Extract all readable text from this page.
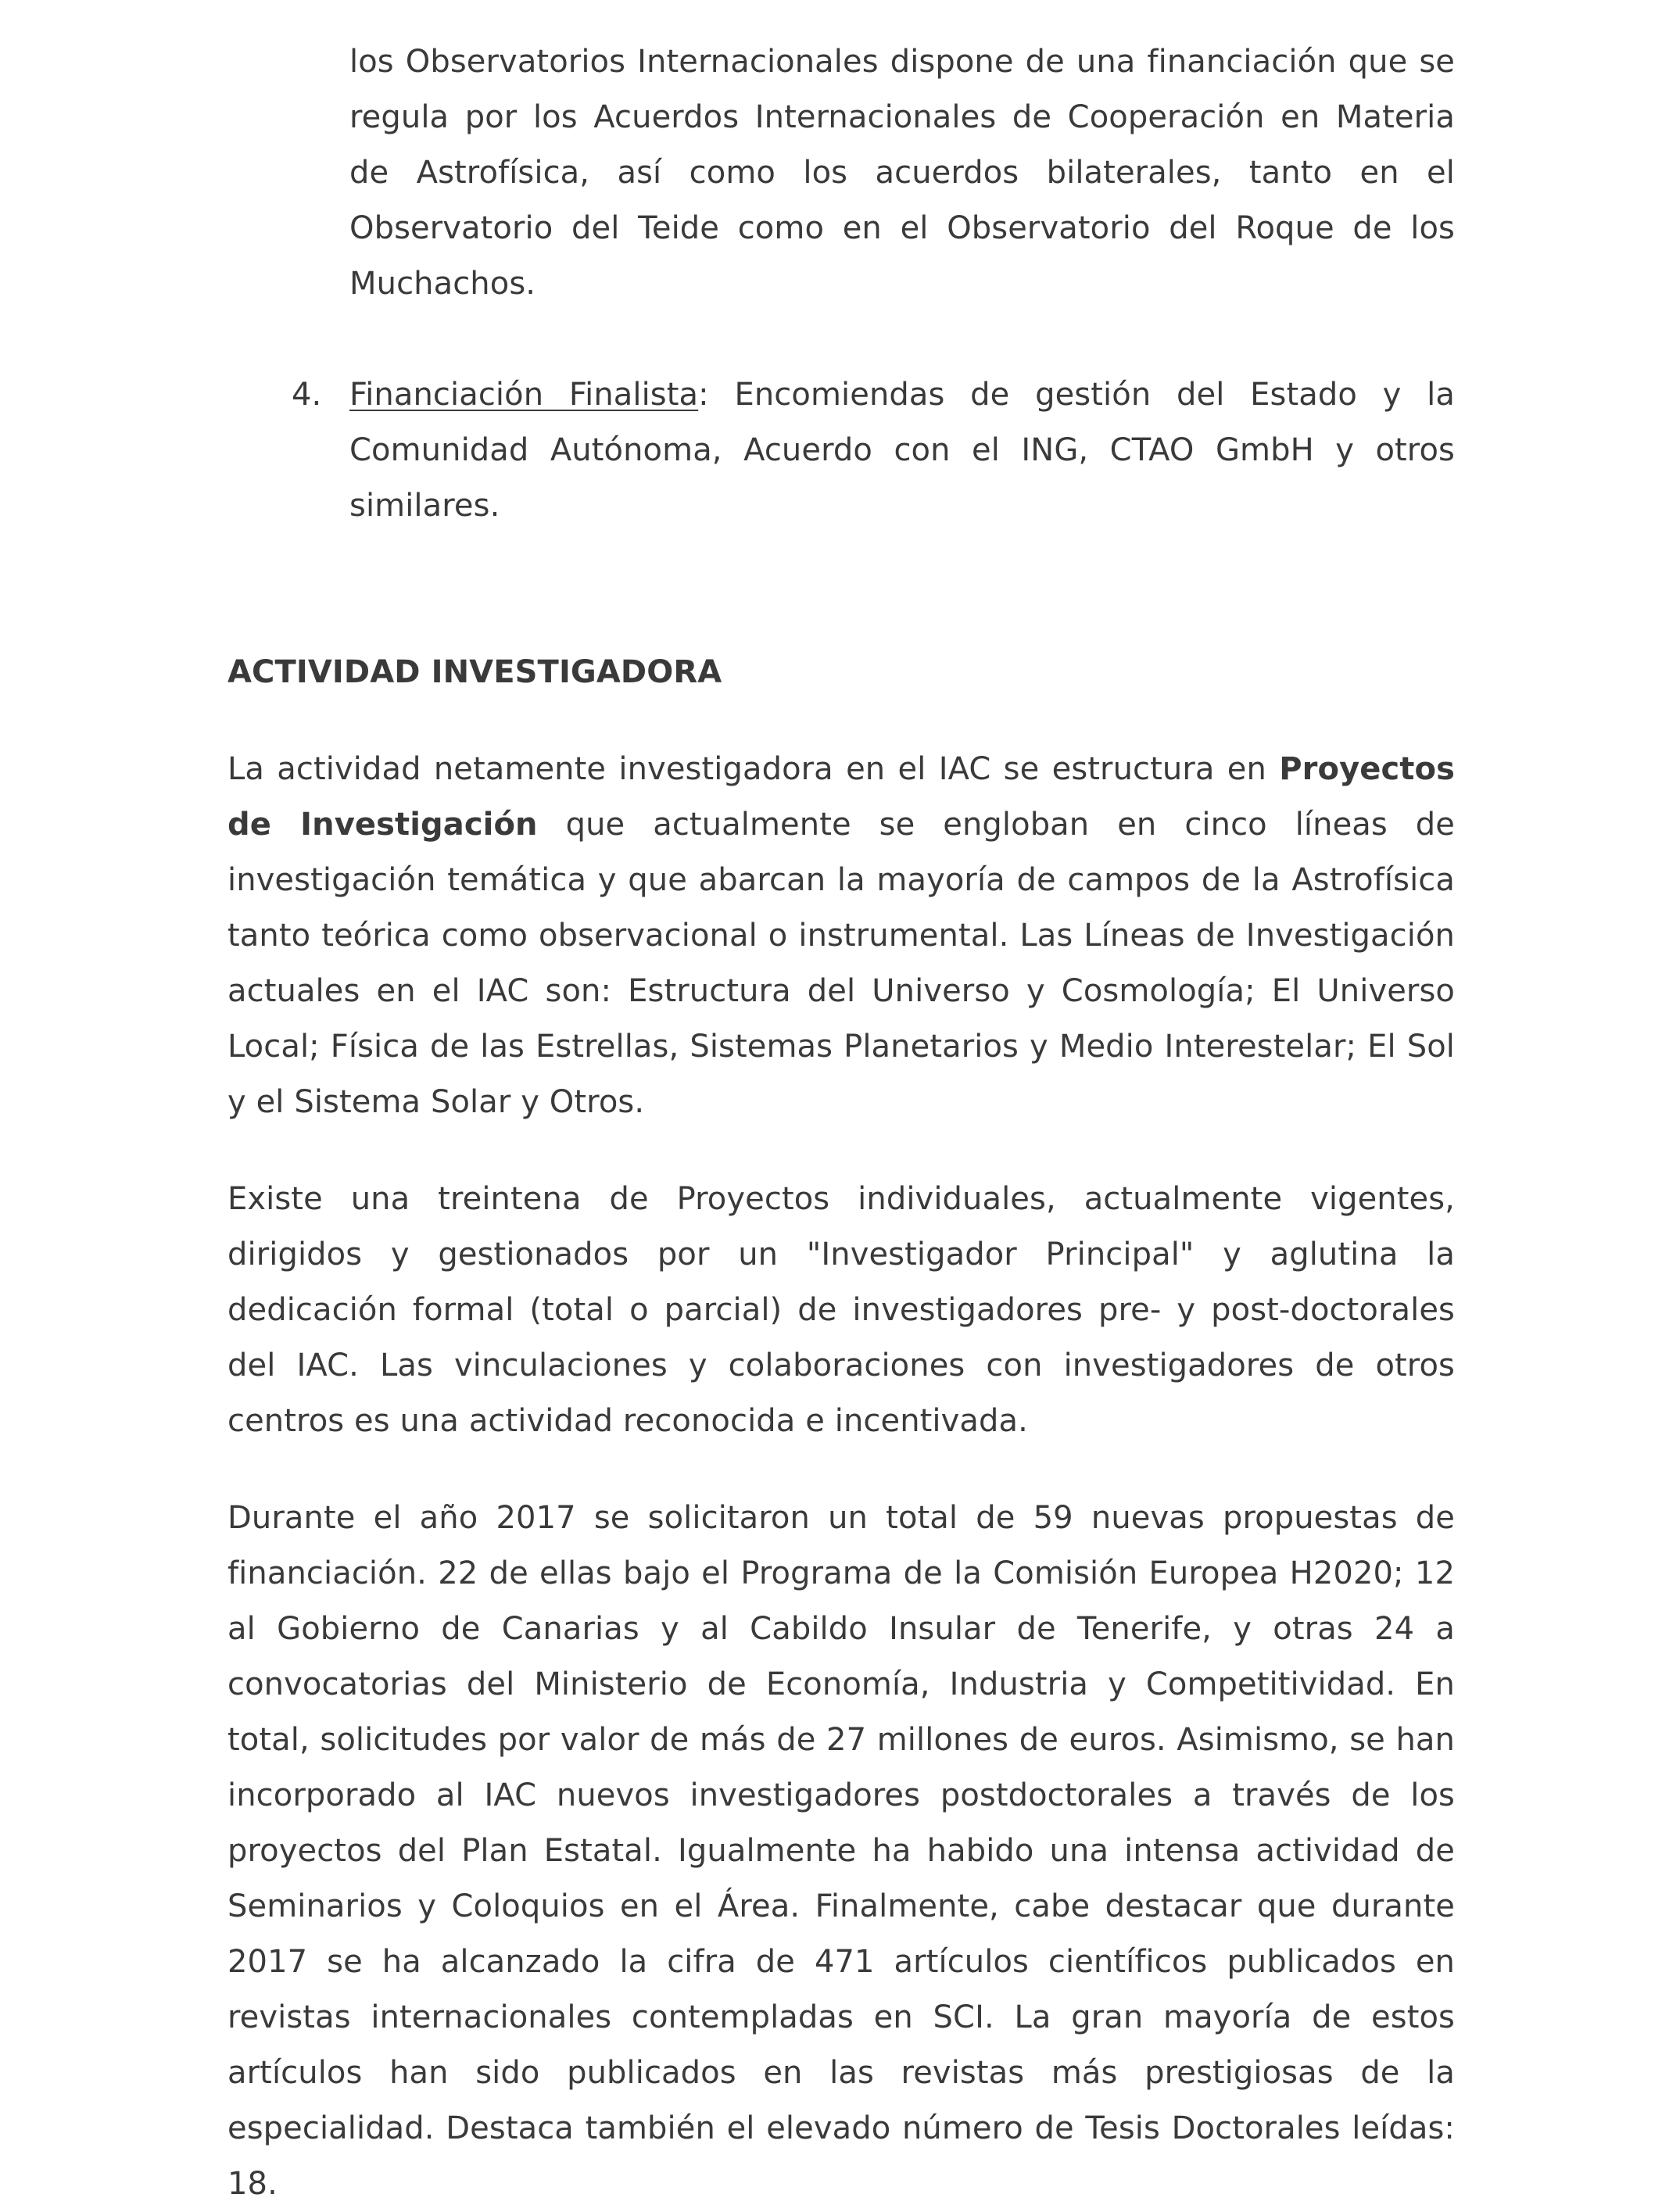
los Observatorios Internacionales dispone de una financiación que se regula por los Acuerdos Internacionales de Cooperación en Materia de Astrofísica, así como los acuerdos bilaterales, tanto en el Observatorio del Teide como en el Observatorio del Roque de los Muchachos.

4. Financiación Finalista: Encomiendas de gestión del Estado y la Comunidad Autónoma, Acuerdo con el ING, CTAO GmbH y otros similares.

ACTIVIDAD INVESTIGADORA

La actividad netamente investigadora en el IAC se estructura en Proyectos de Investigación que actualmente se engloban en cinco líneas de investigación temática y que abarcan la mayoría de campos de la Astrofísica tanto teórica como observacional o instrumental. Las Líneas de Investigación actuales en el IAC son: Estructura del Universo y Cosmología; El Universo Local; Física de las Estrellas, Sistemas Planetarios y Medio Interestelar; El Sol y el Sistema Solar y Otros.

Existe una treintena de Proyectos individuales, actualmente vigentes, dirigidos y gestionados por un "Investigador Principal" y aglutina la dedicación formal (total o parcial) de investigadores pre- y post-doctorales del IAC. Las vinculaciones y colaboraciones con investigadores de otros centros es una actividad reconocida e incentivada.

Durante el año 2017 se solicitaron un total de 59 nuevas propuestas de financiación. 22 de ellas bajo el Programa de la Comisión Europea H2020; 12 al Gobierno de Canarias y al Cabildo Insular de Tenerife, y otras 24 a convocatorias del Ministerio de Economía, Industria y Competitividad. En total, solicitudes por valor de más de 27 millones de euros. Asimismo, se han incorporado al IAC nuevos investigadores postdoctorales a través de los proyectos del Plan Estatal. Igualmente ha habido una intensa actividad de Seminarios y Coloquios en el Área. Finalmente, cabe destacar que durante 2017 se ha alcanzado la cifra de 471 artículos científicos publicados en revistas internacionales contempladas en SCI. La gran mayoría de estos artículos han sido publicados en las revistas más prestigiosas de la especialidad. Destaca también el elevado número de Tesis Doctorales leídas: 18.
